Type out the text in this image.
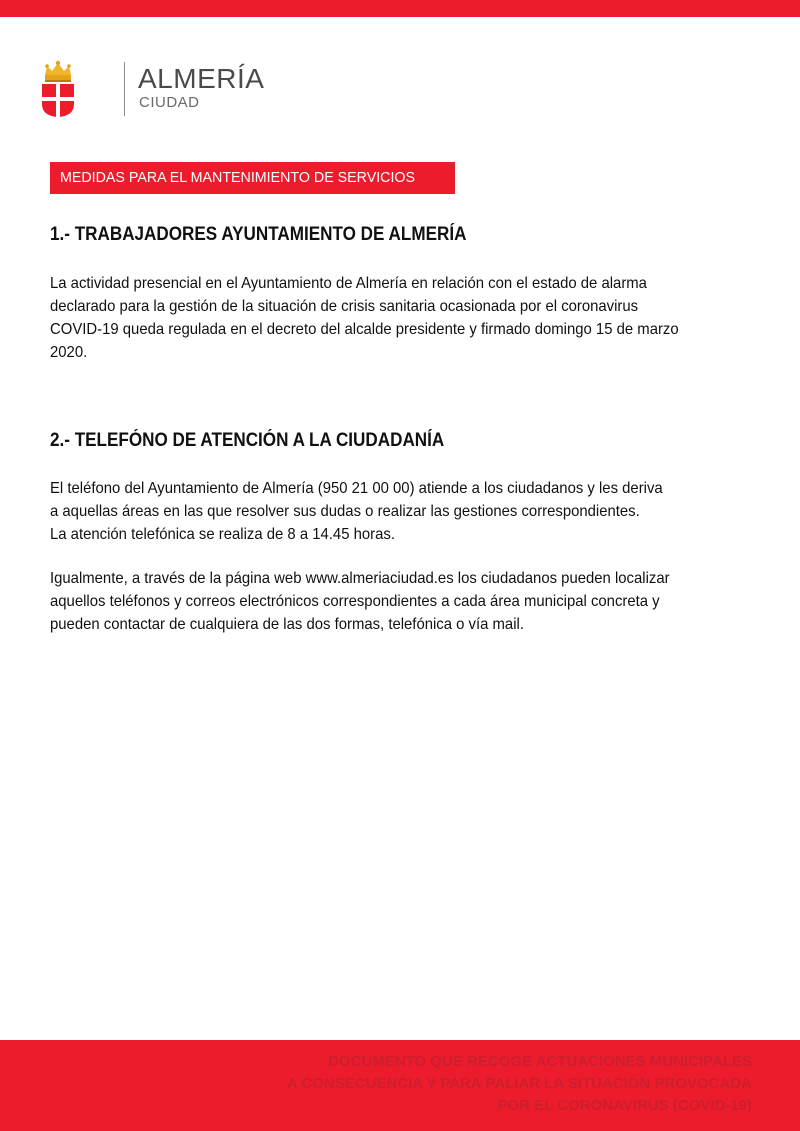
ALMERÍA
CIUDAD
MEDIDAS PARA EL MANTENIMIENTO DE SERVICIOS
1.- TRABAJADORES AYUNTAMIENTO DE ALMERÍA
La actividad presencial en el Ayuntamiento de Almería en relación con el estado de alarma
declarado para la gestión de la situación de crisis sanitaria ocasionada por el coronavirus
COVID-19 queda regulada en el decreto del alcalde presidente y firmado domingo 15 de marzo
2020.
2.- TELEFÓNO DE ATENCIÓN A LA CIUDADANÍA
El teléfono del Ayuntamiento de Almería (950 21 00 00) atiende a los ciudadanos y les deriva
a aquellas áreas en las que resolver sus dudas o realizar las gestiones correspondientes.
La atención telefónica se realiza de 8 a 14.45 horas.
Igualmente, a través de la página web www.almeriaciudad.es los ciudadanos pueden localizar
aquellos teléfonos y correos electrónicos correspondientes a cada área municipal concreta y
pueden contactar de cualquiera de las dos formas, telefónica o vía mail.
DOCUMENTO QUE RECOGE ACTUACIONES MUNICIPALES
A CONSECUENCIA Y PARA PALIAR LA SITUACIÓN PROVOCADA
POR EL CORONAVIRUS (COVID-19)
